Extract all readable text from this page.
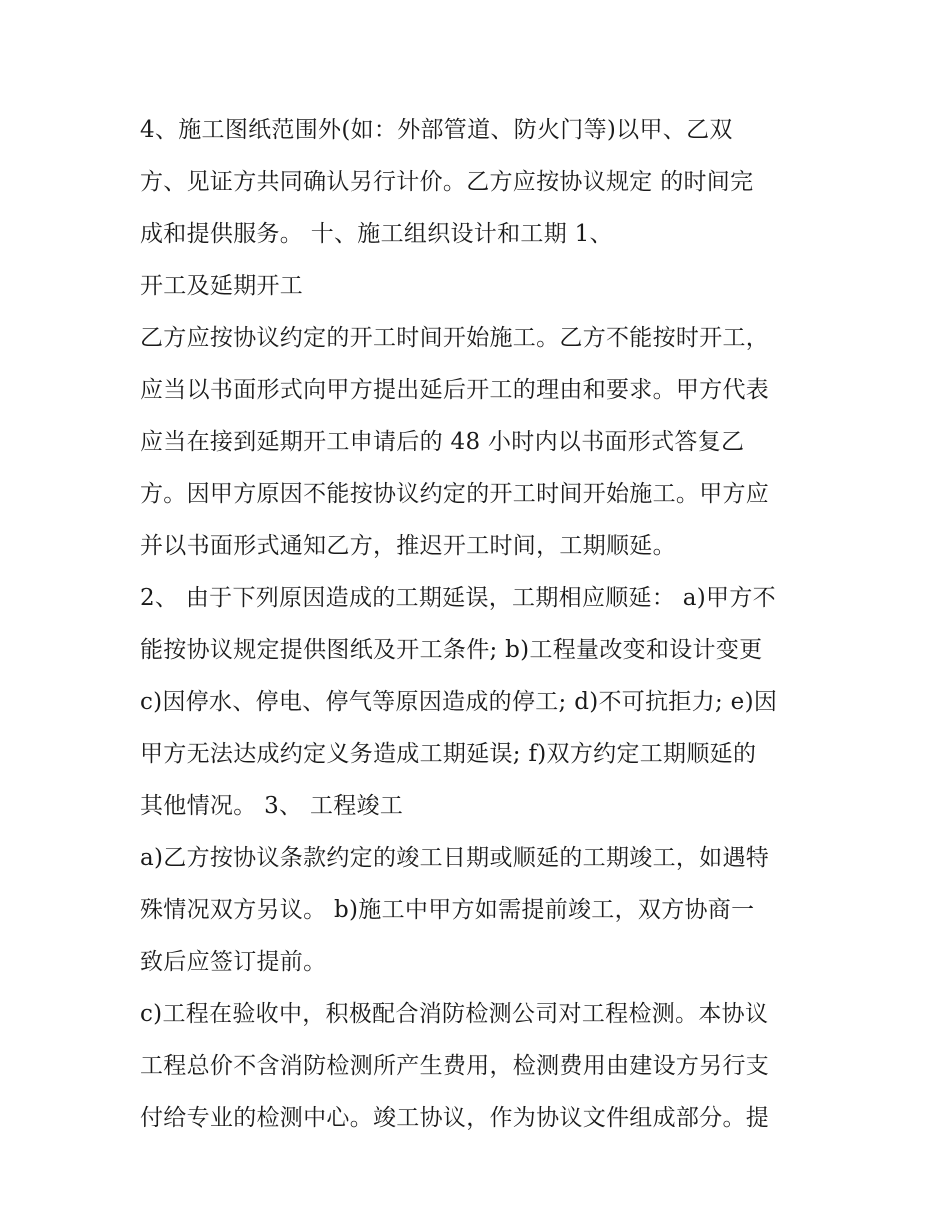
4、施工图纸范围外(如：外部管道、防火门等)以甲、乙双
方、见证方共同确认另行计价。乙方应按协议规定 的时间完
成和提供服务。 十、施工组织设计和工期 1、
开工及延期开工
乙方应按协议约定的开工时间开始施工。乙方不能按时开工，
应当以书面形式向甲方提出延后开工的理由和要求。甲方代表
应当在接到延期开工申请后的 48 小时内以书面形式答复乙
方。因甲方原因不能按协议约定的开工时间开始施工。甲方应
并以书面形式通知乙方，推迟开工时间，工期顺延。
2、 由于下列原因造成的工期延误，工期相应顺延： a)甲方不
能按协议规定提供图纸及开工条件; b)工程量改变和设计变更
c)因停水、停电、停气等原因造成的停工; d)不可抗拒力; e)因
甲方无法达成约定义务造成工期延误; f)双方约定工期顺延的
其他情况。 3、 工程竣工
a)乙方按协议条款约定的竣工日期或顺延的工期竣工，如遇特
殊情况双方另议。 b)施工中甲方如需提前竣工，双方协商一
致后应签订提前。
c)工程在验收中，积极配合消防检测公司对工程检测。本协议
工程总价不含消防检测所产生费用，检测费用由建设方另行支
付给专业的检测中心。竣工协议，作为协议文件组成部分。提
